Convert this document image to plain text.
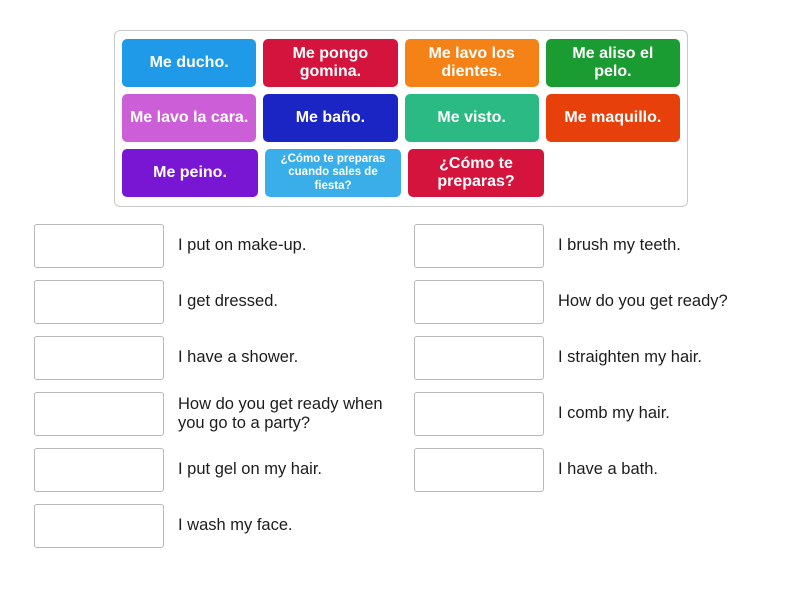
Me ducho.
Me pongo gomina.
Me lavo los dientes.
Me aliso el pelo.
Me lavo la cara.	Me baño.	Me visto.	Me maquillo.
Me peino.
¿Cómo te preparas cuando sales de fiesta?
¿Cómo te preparas?
I put on make-up.
I get dressed.
I have a shower.
How do you get ready when you go to a party?
I put gel on my hair.
I wash my face.
I brush my teeth.
How do you get ready?
I straighten my hair.
I comb my hair.
I have a bath.
